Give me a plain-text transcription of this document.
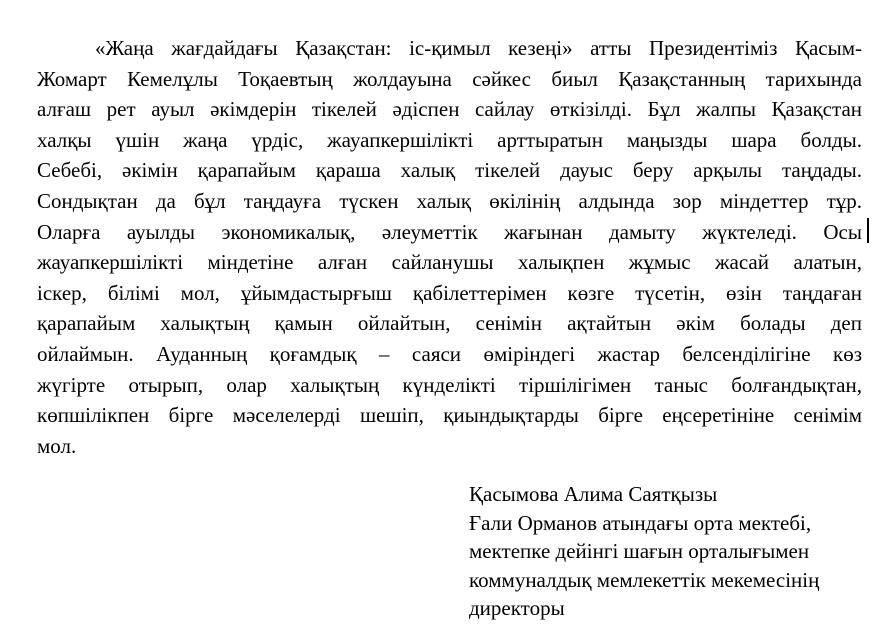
«Жаңа жағдайдағы Қазақстан: іс-қимыл кезеңі» атты Президентіміз Қасым-
Жомарт Кемелұлы Тоқаевтың жолдауына сәйкес биыл Қазақстанның тарихында
алғаш рет ауыл әкімдерін тікелей әдіспен сайлау өткізілді. Бұл жалпы Қазақстан
халқы үшін жаңа үрдіс, жауапкершілікті арттыратын маңызды шара болды.
Себебі, әкімін қарапайым қараша халық тікелей дауыс беру арқылы таңдады.
Сондықтан да бұл таңдауға түскен халық өкілінің алдында зор міндеттер тұр.
Оларға ауылды экономикалық, әлеуметтік жағынан дамыту жүктеледі. Осы
жауапкершілікті міндетіне алған сайланушы халықпен жұмыс жасай алатын,
іскер, білімі мол, ұйымдастырғыш қабілеттерімен көзге түсетін, өзін таңдаған
қарапайым халықтың қамын ойлайтын, сенімін ақтайтын әкім болады деп
ойлаймын. Ауданның қоғамдық – саяси өміріндегі жастар белсенділігіне көз
жүгірте отырып, олар халықтың күнделікті тіршілігімен таныс болғандықтан,
көпшілікпен бірге мәселелерді шешіп, қиындықтарды бірге еңсеретініне сенімім
мол.
Қасымова Алима Саятқызы
Ғали Орманов атындағы орта мектебі,
мектепке дейінгі шағын орталығымен
коммуналдық мемлекеттік мекемесінің
директоры
